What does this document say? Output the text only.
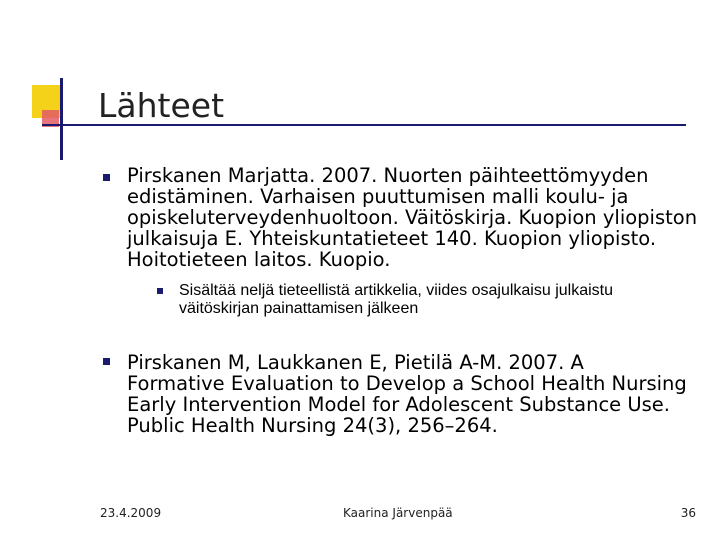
Lähteet

Pirskanen Marjatta. 2007. Nuorten päihteettömyyden edistäminen. Varhaisen puuttumisen malli koulu- ja opiskeluterveydenhuoltoon. Väitöskirja. Kuopion yliopiston julkaisuja E. Yhteiskuntatieteet 140. Kuopion yliopisto. Hoitotieteen laitos. Kuopio.

Sisältää neljä tieteellistä artikkelia, viides osajulkaisu julkaistu väitöskirjan painattamisen jälkeen

Pirskanen M, Laukkanen E, Pietilä A-M. 2007. A Formative Evaluation to Develop a School Health Nursing Early Intervention Model for Adolescent Substance Use. Public Health Nursing 24(3), 256–264.

23.4.2009	Kaarina Järvenpää	36
